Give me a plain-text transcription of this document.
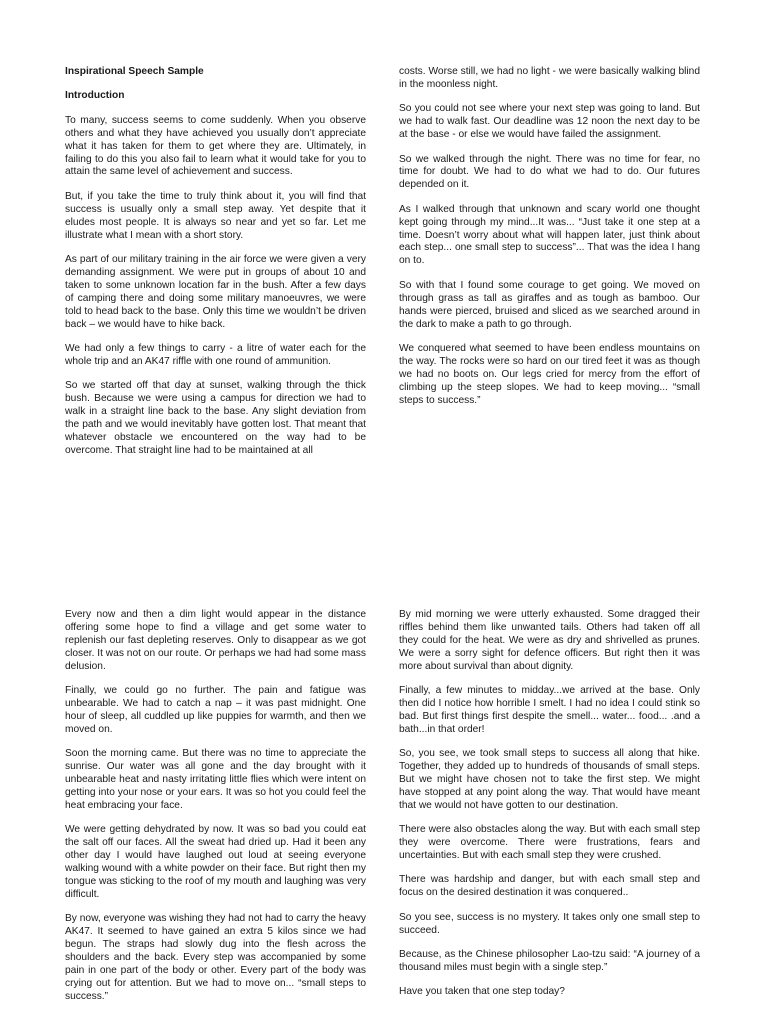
Inspirational Speech Sample

Introduction

To many, success seems to come suddenly. When you observe others and what they have achieved you usually don’t appreciate what it has taken for them to get where they are. Ultimately, in failing to do this you also fail to learn what it would take for you to attain the same level of achievement and success.

But, if you take the time to truly think about it, you will find that success is usually only a small step away. Yet despite that it eludes most people. It is always so near and yet so far. Let me illustrate what I mean with a short story.

As part of our military training in the air force we were given a very demanding assignment. We were put in groups of about 10 and taken to some unknown location far in the bush. After a few days of camping there and doing some military manoeuvres, we were told to head back to the base. Only this time we wouldn’t be driven back – we would have to hike back.

We had only a few things to carry - a litre of water each for the whole trip and an AK47 riffle with one round of ammunition.

So we started off that day at sunset, walking through the thick bush. Because we were using a campus for direction we had to walk in a straight line back to the base. Any slight deviation from the path and we would inevitably have gotten lost. That meant that whatever obstacle we encountered on the way had to be overcome. That straight line had to be maintained at all

costs. Worse still, we had no light - we were basically walking blind in the moonless night.

So you could not see where your next step was going to land. But we had to walk fast. Our deadline was 12 noon the next day to be at the base - or else we would have failed the assignment.

So we walked through the night. There was no time for fear, no time for doubt. We had to do what we had to do. Our futures depended on it.

As I walked through that unknown and scary world one thought kept going through my mind...It was... “Just take it one step at a time. Doesn’t worry about what will happen later, just think about each step... one small step to success”... That was the idea I hang on to.

So with that I found some courage to get going. We moved on through grass as tall as giraffes and as tough as bamboo. Our hands were pierced, bruised and sliced as we searched around in the dark to make a path to go through.

We conquered what seemed to have been endless mountains on the way. The rocks were so hard on our tired feet it was as though we had no boots on. Our legs cried for mercy from the effort of climbing up the steep slopes. We had to keep moving... “small steps to success.”

Every now and then a dim light would appear in the distance offering some hope to find a village and get some water to replenish our fast depleting reserves. Only to disappear as we got closer. It was not on our route. Or perhaps we had had some mass delusion.

Finally, we could go no further. The pain and fatigue was unbearable. We had to catch a nap – it was past midnight. One hour of sleep, all cuddled up like puppies for warmth, and then we moved on.

Soon the morning came. But there was no time to appreciate the sunrise. Our water was all gone and the day brought with it unbearable heat and nasty irritating little flies which were intent on getting into your nose or your ears. It was so hot you could feel the heat embracing your face.

We were getting dehydrated by now. It was so bad you could eat the salt off our faces. All the sweat had dried up. Had it been any other day I would have laughed out loud at seeing everyone walking wound with a white powder on their face. But right then my tongue was sticking to the roof of my mouth and laughing was very difficult.

By now, everyone was wishing they had not had to carry the heavy AK47. It seemed to have gained an extra 5 kilos since we had begun. The straps had slowly dug into the flesh across the shoulders and the back. Every step was accompanied by some pain in one part of the body or other. Every part of the body was crying out for attention. But we had to move on... “small steps to success.”

By mid morning we were utterly exhausted. Some dragged their riffles behind them like unwanted tails. Others had taken off all they could for the heat. We were as dry and shrivelled as prunes. We were a sorry sight for defence officers. But right then it was more about survival than about dignity.

Finally, a few minutes to midday...we arrived at the base. Only then did I notice how horrible I smelt. I had no idea I could stink so bad. But first things first despite the smell... water... food... .and a bath...in that order!

So, you see, we took small steps to success all along that hike. Together, they added up to hundreds of thousands of small steps. But we might have chosen not to take the first step. We might have stopped at any point along the way. That would have meant that we would not have gotten to our destination.

There were also obstacles along the way. But with each small step they were overcome. There were frustrations, fears and uncertainties. But with each small step they were crushed.

There was hardship and danger, but with each small step and focus on the desired destination it was conquered..

So you see, success is no mystery. It takes only one small step to succeed.

Because, as the Chinese philosopher Lao-tzu said: “A journey of a thousand miles must begin with a single step.”

Have you taken that one step today?
